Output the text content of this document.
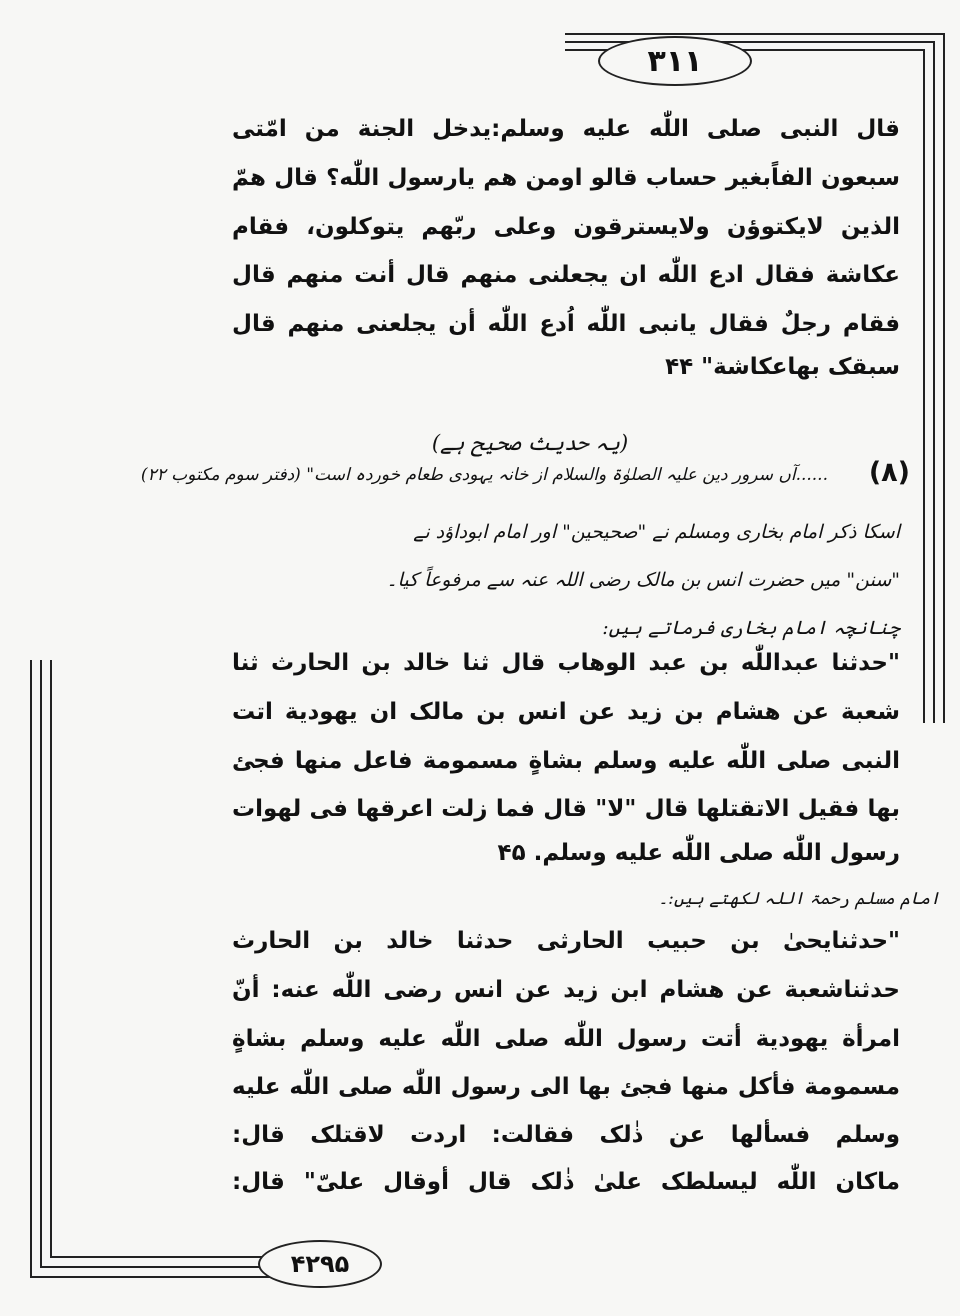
٣١١
۴٢٩۵
قال النبی صلی اللّٰه علیه وسلم:یدخل الجنة من امّتی
سبعون الفاًبغیر حساب قالو اومن هم یارسول اللّٰه؟ قال همّ
الذین لایکتوؤن ولایسترقون وعلی ربّهم یتوکلون، فقام
عکاشة فقال ادع اللّٰه ان یجعلنی منهم قال أنت منهم قال
فقام رجلٌ فقال یانبی اللّٰه اُدع اللّٰه أن یجلعنی منهم قال
سبقک بهاعکاشة" ۴۴
(یہ حدیث صحیح ہے)
(۸)
......آں سرور دین علیہ الصلوٰۃ والسلام از خانہ یہودی طعام خوردہ است" (دفتر سوم مکتوب ۲۲)
اسکا ذکر امام بخاری ومسلم نے "صحیحین" اور امام ابوداؤد نے
"سنن" میں حضرت انس بن مالک رضی اللہ عنہ سے مرفوعاً کیا۔
چنانچہ امام بخاری فرماتے ہیں:
"حدثنا عبداللّٰه بن عبد الوهاب قال ثنا خالد بن الحارث ثنا
شعبة عن هشام بن زید عن انس بن مالک ان یهودیة اتت
النبی صلی اللّٰه علیه وسلم بشاةٍ مسمومة فاعل منها فجئ
بها فقیل الاتقتلها قال "لا" قال فما زلت اعرقها فی لهوات
رسول اللّٰه صلی اللّٰه علیه وسلم. ۴۵
امام مسلم رحمۃ اللہ لکھتے ہیں:۔
"حدثنایحیٰ بن حبیب الحارثی حدثنا خالد بن الحارث
حدثناشعبة عن هشام ابن زید عن انس رضی اللّٰه عنه: أنّ
امرأة یهودیة أتت رسول اللّٰه صلی اللّٰه علیه وسلم بشاةٍ
مسمومة فأكل منها فجئ بها الی رسول اللّٰه صلی اللّٰه علیه
وسلم فسألها عن ذٰلک فقالت: اردت لاقتلک قال:
ماکان اللّٰه لیسلطک علیٰ ذٰلک قال أوقال علیّ" قال:
